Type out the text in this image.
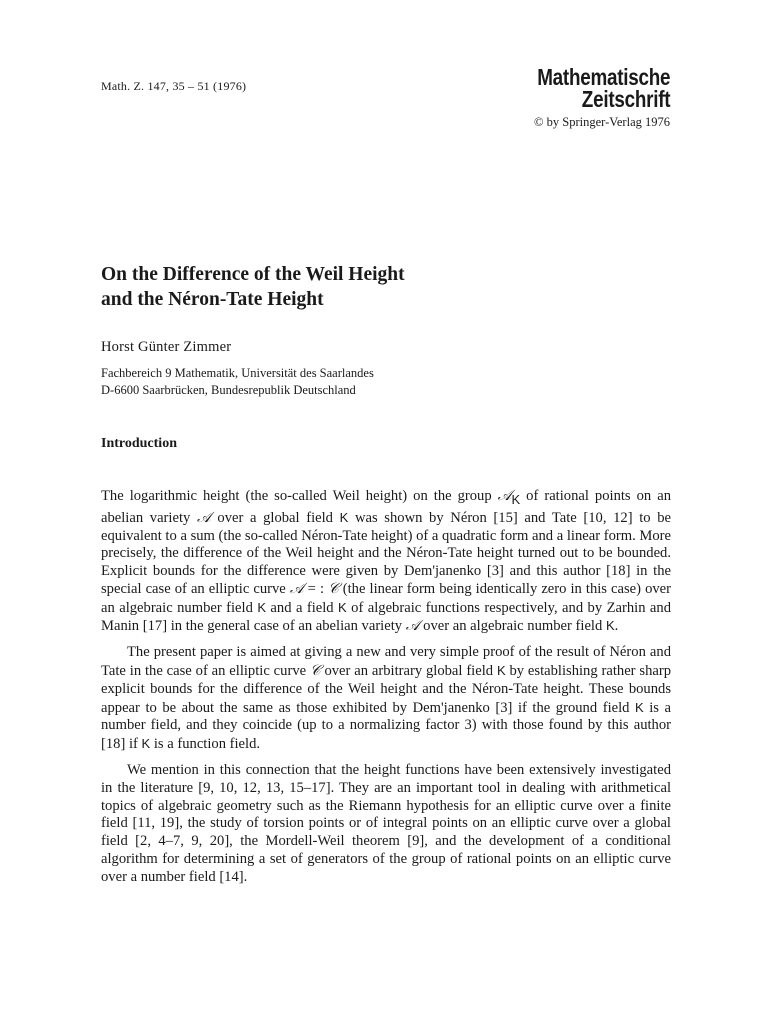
Math. Z. 147, 35 – 51 (1976)	Mathematische
Zeitschrift
© by Springer-Verlag 1976
On the Difference of the Weil Height
and the Néron-Tate Height
Horst Günter Zimmer
Fachbereich 9 Mathematik, Universität des Saarlandes
D-6600 Saarbrücken, Bundesrepublik Deutschland
Introduction

The logarithmic height (the so-called Weil height) on the group 𝒜$_K$ of rational points on an abelian variety 𝒜 over a global field K was shown by Néron [15] and Tate [10, 12] to be equivalent to a sum (the so-called Néron-Tate height) of a quadratic form and a linear form. More precisely, the difference of the Weil height and the Néron-Tate height turned out to be bounded. Explicit bounds for the difference were given by Dem'janenko [3] and this author [18] in the special case of an elliptic curve 𝒜 = : 𝒞 (the linear form being identically zero in this case) over an algebraic number field K and a field K of algebraic functions respectively, and by Zarhin and Manin [17] in the general case of an abelian variety 𝒜 over an algebraic number field K.

The present paper is aimed at giving a new and very simple proof of the result of Néron and Tate in the case of an elliptic curve 𝒞 over an arbitrary global field K by establishing rather sharp explicit bounds for the difference of the Weil height and the Néron-Tate height. These bounds appear to be about the same as those exhibited by Dem'janenko [3] if the ground field K is a number field, and they coincide (up to a normalizing factor 3) with those found by this author [18] if K is a function field.

We mention in this connection that the height functions have been extensively investigated in the literature [9, 10, 12, 13, 15–17]. They are an important tool in dealing with arithmetical topics of algebraic geometry such as the Riemann hypothesis for an elliptic curve over a finite field [11, 19], the study of torsion points or of integral points on an elliptic curve over a global field [2, 4–7, 9, 20], the Mordell-Weil theorem [9], and the development of a conditional algorithm for determining a set of generators of the group of rational points on an elliptic curve over a number field [14].
